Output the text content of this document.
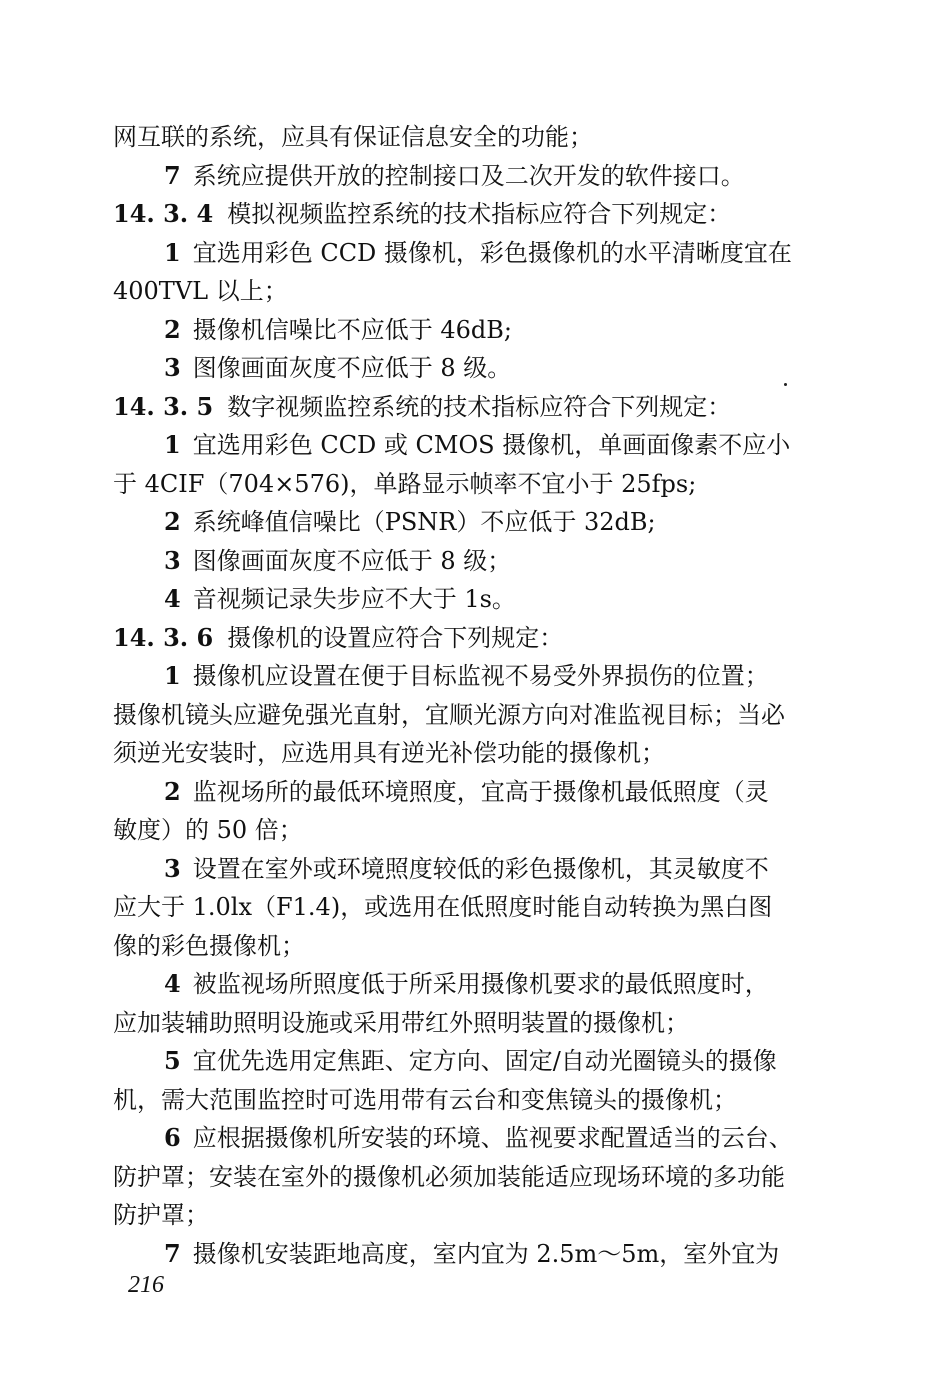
网互联的系统，应具有保证信息安全的功能；
7 系统应提供开放的控制接口及二次开发的软件接口。
14. 3. 4 模拟视频监控系统的技术指标应符合下列规定：
1 宜选用彩色 CCD 摄像机，彩色摄像机的水平清晰度宜在
400TVL 以上；
2 摄像机信噪比不应低于 46dB;
3 图像画面灰度不应低于 8 级。
14. 3. 5 数字视频监控系统的技术指标应符合下列规定：
1 宜选用彩色 CCD 或 CMOS 摄像机，单画面像素不应小
于 4CIF（704×576)，单路显示帧率不宜小于 25fps;
2 系统峰值信噪比（PSNR）不应低于 32dB;
3 图像画面灰度不应低于 8 级；
4 音视频记录失步应不大于 1s。
14. 3. 6 摄像机的设置应符合下列规定：
1 摄像机应设置在便于目标监视不易受外界损伤的位置；
摄像机镜头应避免强光直射，宜顺光源方向对准监视目标；当必
须逆光安装时，应选用具有逆光补偿功能的摄像机；
2 监视场所的最低环境照度，宜高于摄像机最低照度（灵
敏度）的 50 倍；
3 设置在室外或环境照度较低的彩色摄像机，其灵敏度不
应大于 1.0lx（F1.4)，或选用在低照度时能自动转换为黑白图
像的彩色摄像机；
4 被监视场所照度低于所采用摄像机要求的最低照度时，
应加装辅助照明设施或采用带红外照明装置的摄像机；
5 宜优先选用定焦距、定方向、固定/自动光圈镜头的摄像
机，需大范围监控时可选用带有云台和变焦镜头的摄像机；
6 应根据摄像机所安装的环境、监视要求配置适当的云台、
防护罩；安装在室外的摄像机必须加装能适应现场环境的多功能
防护罩；
7 摄像机安装距地高度，室内宜为 2.5m～5m，室外宜为
216
